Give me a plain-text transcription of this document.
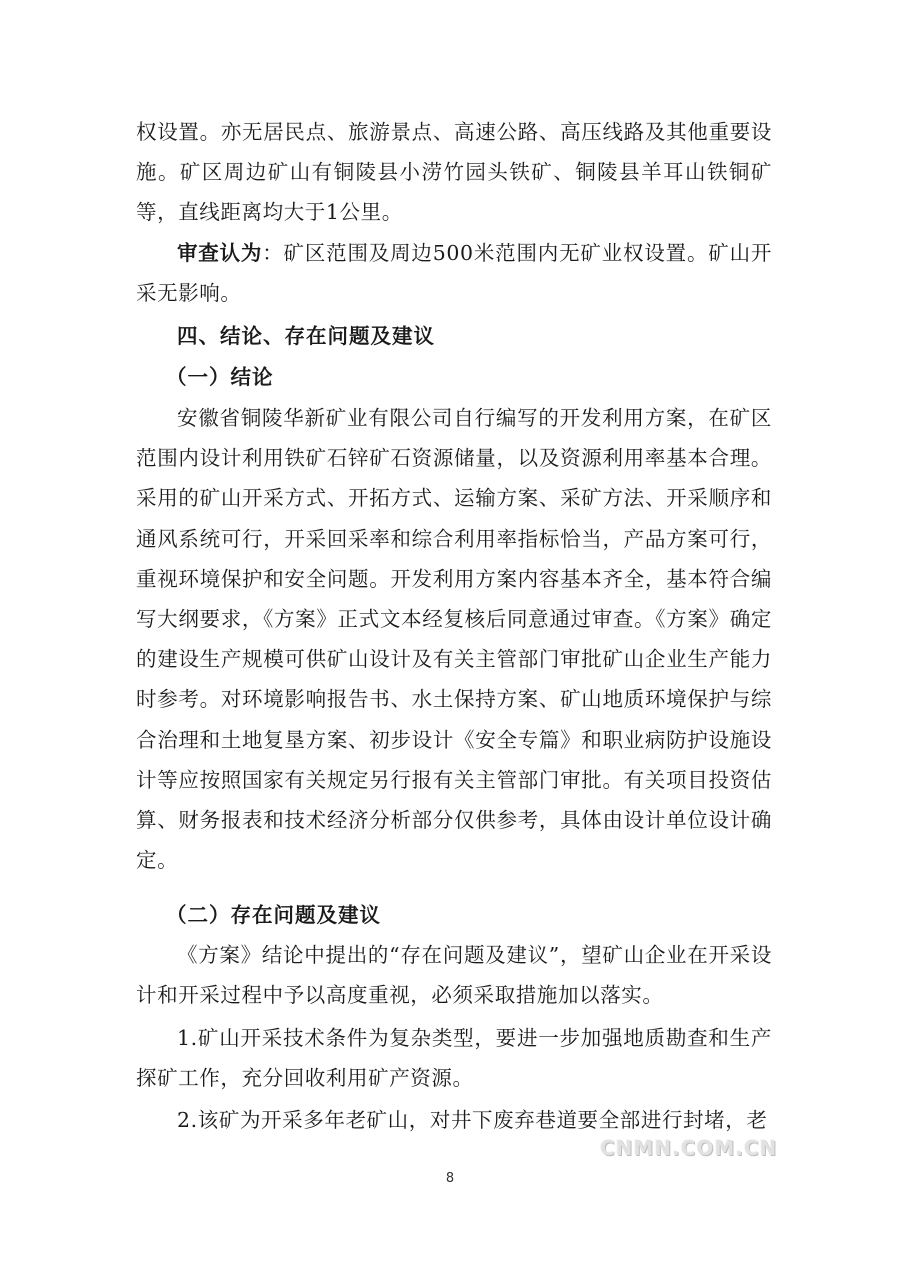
权设置。亦无居民点、旅游景点、高速公路、高压线路及其他重要设施。矿区周边矿山有铜陵县小涝竹园头铁矿、铜陵县羊耳山铁铜矿等，直线距离均大于1公里。

审查认为：矿区范围及周边500米范围内无矿业权设置。矿山开采无影响。

四、结论、存在问题及建议
（一）结论

安徽省铜陵华新矿业有限公司自行编写的开发利用方案，在矿区范围内设计利用铁矿石锌矿石资源储量，以及资源利用率基本合理。采用的矿山开采方式、开拓方式、运输方案、采矿方法、开采顺序和通风系统可行，开采回采率和综合利用率指标恰当，产品方案可行，重视环境保护和安全问题。开发利用方案内容基本齐全，基本符合编写大纲要求，《方案》正式文本经复核后同意通过审查。《方案》确定的建设生产规模可供矿山设计及有关主管部门审批矿山企业生产能力时参考。对环境影响报告书、水土保持方案、矿山地质环境保护与综合治理和土地复垦方案、初步设计《安全专篇》和职业病防护设施设计等应按照国家有关规定另行报有关主管部门审批。有关项目投资估算、财务报表和技术经济分析部分仅供参考，具体由设计单位设计确定。

（二）存在问题及建议

《方案》结论中提出的“存在问题及建议”，望矿山企业在开采设计和开采过程中予以高度重视，必须采取措施加以落实。

1.矿山开采技术条件为复杂类型，要进一步加强地质勘查和生产探矿工作，充分回收利用矿产资源。

2.该矿为开采多年老矿山，对井下废弃巷道要全部进行封堵，老

CNMN.COM.CN
8
